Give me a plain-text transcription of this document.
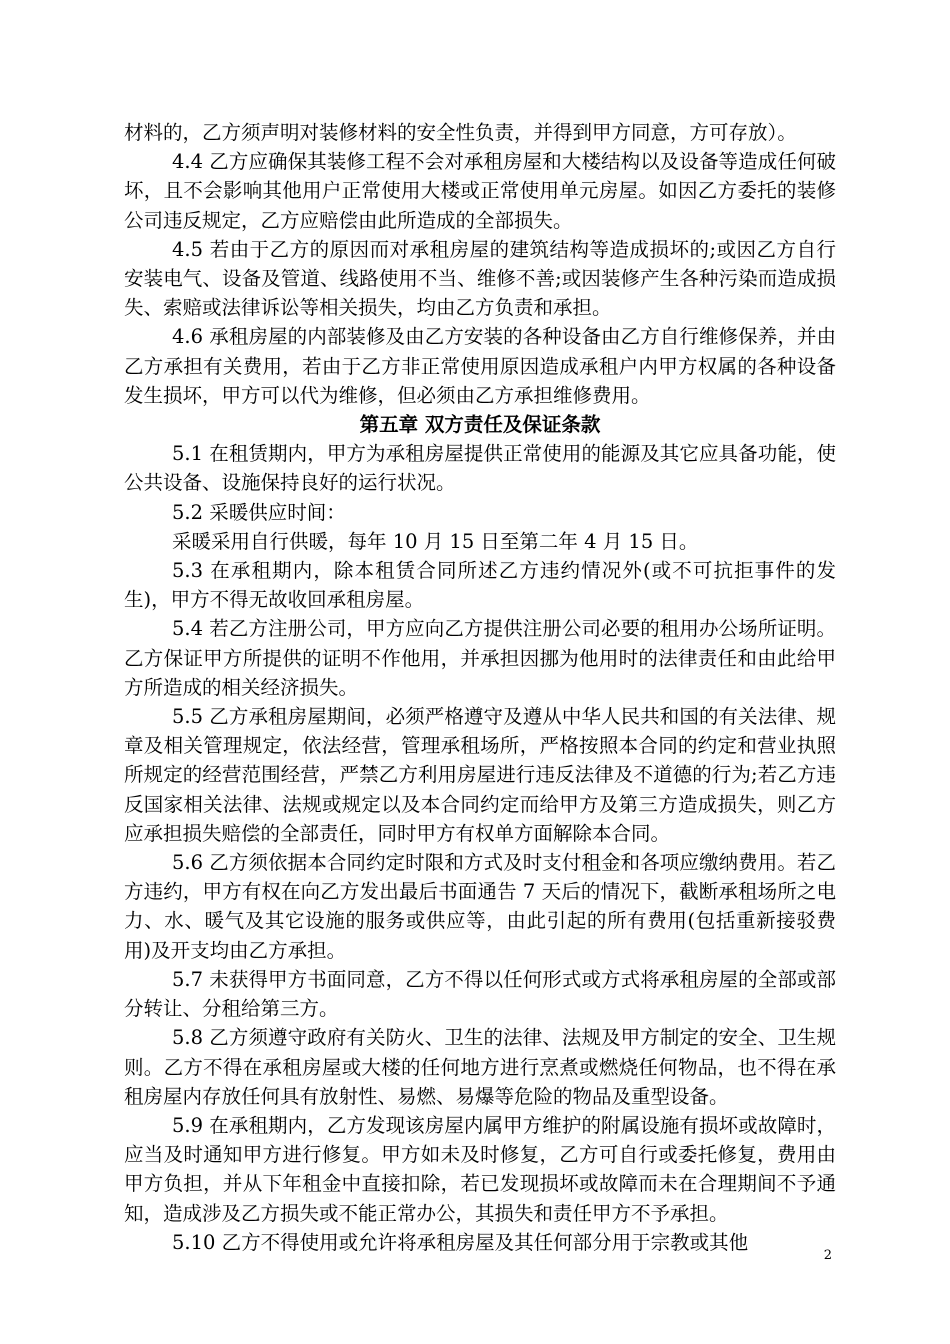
材料的，乙方须声明对装修材料的安全性负责，并得到甲方同意，方可存放）。

4.4 乙方应确保其装修工程不会对承租房屋和大楼结构以及设备等造成任何破坏，且不会影响其他用户正常使用大楼或正常使用单元房屋。如因乙方委托的装修公司违反规定，乙方应赔偿由此所造成的全部损失。

4.5 若由于乙方的原因而对承租房屋的建筑结构等造成损坏的;或因乙方自行安装电气、设备及管道、线路使用不当、维修不善;或因装修产生各种污染而造成损失、索赔或法律诉讼等相关损失，均由乙方负责和承担。

4.6 承租房屋的内部装修及由乙方安装的各种设备由乙方自行维修保养，并由乙方承担有关费用，若由于乙方非正常使用原因造成承租户内甲方权属的各种设备发生损坏，甲方可以代为维修，但必须由乙方承担维修费用。

第五章 双方责任及保证条款

5.1 在租赁期内，甲方为承租房屋提供正常使用的能源及其它应具备功能，使公共设备、设施保持良好的运行状况。

5.2 采暖供应时间：

采暖采用自行供暖，每年 10 月 15 日至第二年 4 月 15 日。

5.3 在承租期内，除本租赁合同所述乙方违约情况外(或不可抗拒事件的发生)，甲方不得无故收回承租房屋。

5.4 若乙方注册公司，甲方应向乙方提供注册公司必要的租用办公场所证明。乙方保证甲方所提供的证明不作他用，并承担因挪为他用时的法律责任和由此给甲方所造成的相关经济损失。

5.5 乙方承租房屋期间，必须严格遵守及遵从中华人民共和国的有关法律、规章及相关管理规定，依法经营，管理承租场所，严格按照本合同的约定和营业执照所规定的经营范围经营，严禁乙方利用房屋进行违反法律及不道德的行为;若乙方违反国家相关法律、法规或规定以及本合同约定而给甲方及第三方造成损失，则乙方应承担损失赔偿的全部责任，同时甲方有权单方面解除本合同。

5.6 乙方须依据本合同约定时限和方式及时支付租金和各项应缴纳费用。若乙方违约，甲方有权在向乙方发出最后书面通告 7 天后的情况下，截断承租场所之电力、水、暖气及其它设施的服务或供应等，由此引起的所有费用(包括重新接驳费用)及开支均由乙方承担。

5.7 未获得甲方书面同意，乙方不得以任何形式或方式将承租房屋的全部或部分转让、分租给第三方。

5.8 乙方须遵守政府有关防火、卫生的法律、法规及甲方制定的安全、卫生规则。乙方不得在承租房屋或大楼的任何地方进行烹煮或燃烧任何物品，也不得在承租房屋内存放任何具有放射性、易燃、易爆等危险的物品及重型设备。

5.9 在承租期内，乙方发现该房屋内属甲方维护的附属设施有损坏或故障时，应当及时通知甲方进行修复。甲方如未及时修复，乙方可自行或委托修复，费用由甲方负担，并从下年租金中直接扣除，若已发现损坏或故障而未在合理期间不予通知，造成涉及乙方损失或不能正常办公，其损失和责任甲方不予承担。

5.10 乙方不得使用或允许将承租房屋及其任何部分用于宗教或其他

2
